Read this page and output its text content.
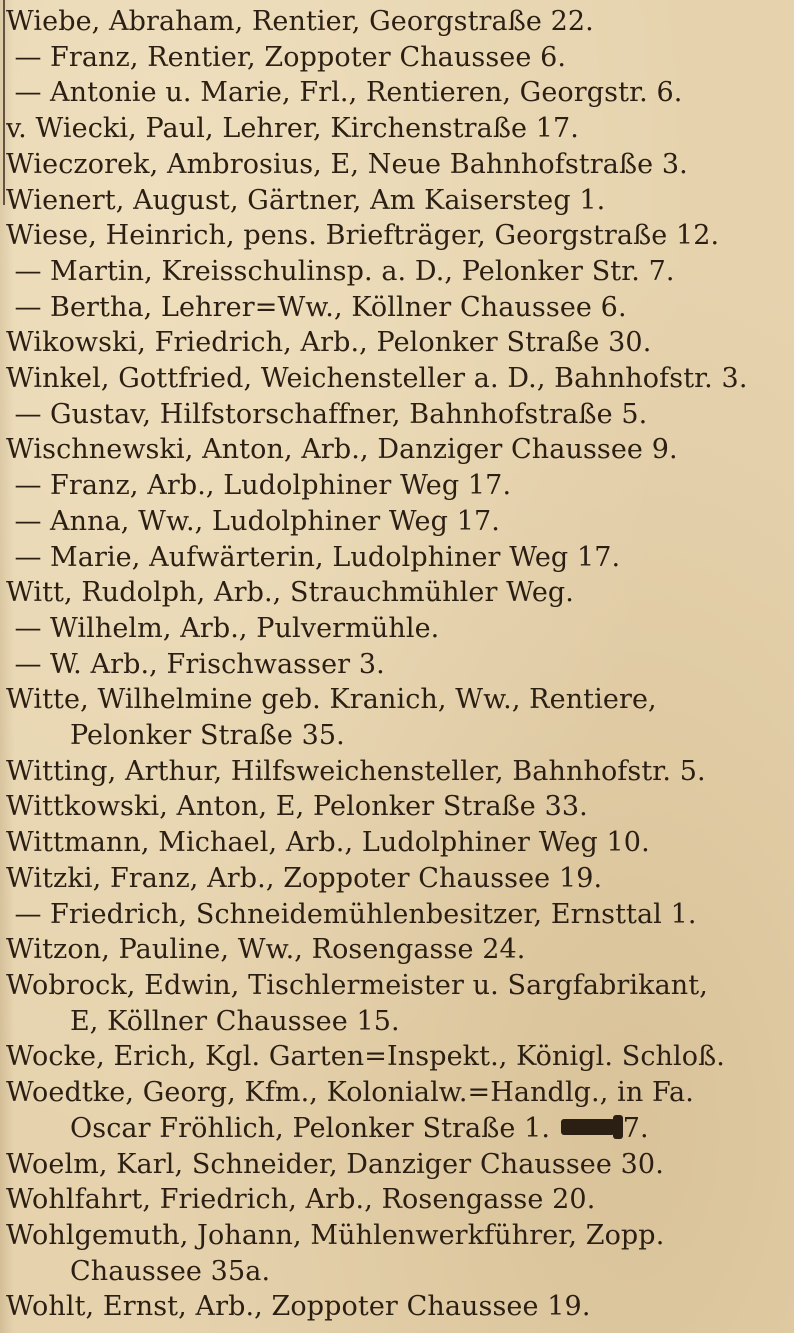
Wiebe, Abraham, Rentier, Georgstraße 22.
— Franz, Rentier, Zoppoter Chaussee 6.
— Antonie u. Marie, Frl., Rentieren, Georgstr. 6.
v. Wiecki, Paul, Lehrer, Kirchenstraße 17.
Wieczorek, Ambrosius, E, Neue Bahnhofstraße 3.
Wienert, August, Gärtner, Am Kaisersteg 1.
Wiese, Heinrich, pens. Briefträger, Georgstraße 12.
— Martin, Kreisschulinsp. a. D., Pelonker Str. 7.
— Bertha, Lehrer=Ww., Köllner Chaussee 6.
Wikowski, Friedrich, Arb., Pelonker Straße 30.
Winkel, Gottfried, Weichensteller a. D., Bahnhofstr. 3.
— Gustav, Hilfstorschaffner, Bahnhofstraße 5.
Wischnewski, Anton, Arb., Danziger Chaussee 9.
— Franz, Arb., Ludolphiner Weg 17.
— Anna, Ww., Ludolphiner Weg 17.
— Marie, Aufwärterin, Ludolphiner Weg 17.
Witt, Rudolph, Arb., Strauchmühler Weg.
— Wilhelm, Arb., Pulvermühle.
— W. Arb., Frischwasser 3.
Witte, Wilhelmine geb. Kranich, Ww., Rentiere,
Pelonker Straße 35.
Witting, Arthur, Hilfsweichensteller, Bahnhofstr. 5.
Wittkowski, Anton, E, Pelonker Straße 33.
Wittmann, Michael, Arb., Ludolphiner Weg 10.
Witzki, Franz, Arb., Zoppoter Chaussee 19.
— Friedrich, Schneidemühlenbesitzer, Ernsttal 1.
Witzon, Pauline, Ww., Rosengasse 24.
Wobrock, Edwin, Tischlermeister u. Sargfabrikant,
E, Köllner Chaussee 15.
Wocke, Erich, Kgl. Garten=Inspekt., Königl. Schloß.
Woedtke, Georg, Kfm., Kolonialw.=Handlg., in Fa.
Oscar Fröhlich, Pelonker Straße 1.	7.
Woelm, Karl, Schneider, Danziger Chaussee 30.
Wohlfahrt, Friedrich, Arb., Rosengasse 20.
Wohlgemuth, Johann, Mühlenwerkführer, Zopp.
Chaussee 35a.
Wohlt, Ernst, Arb., Zoppoter Chaussee 19.
